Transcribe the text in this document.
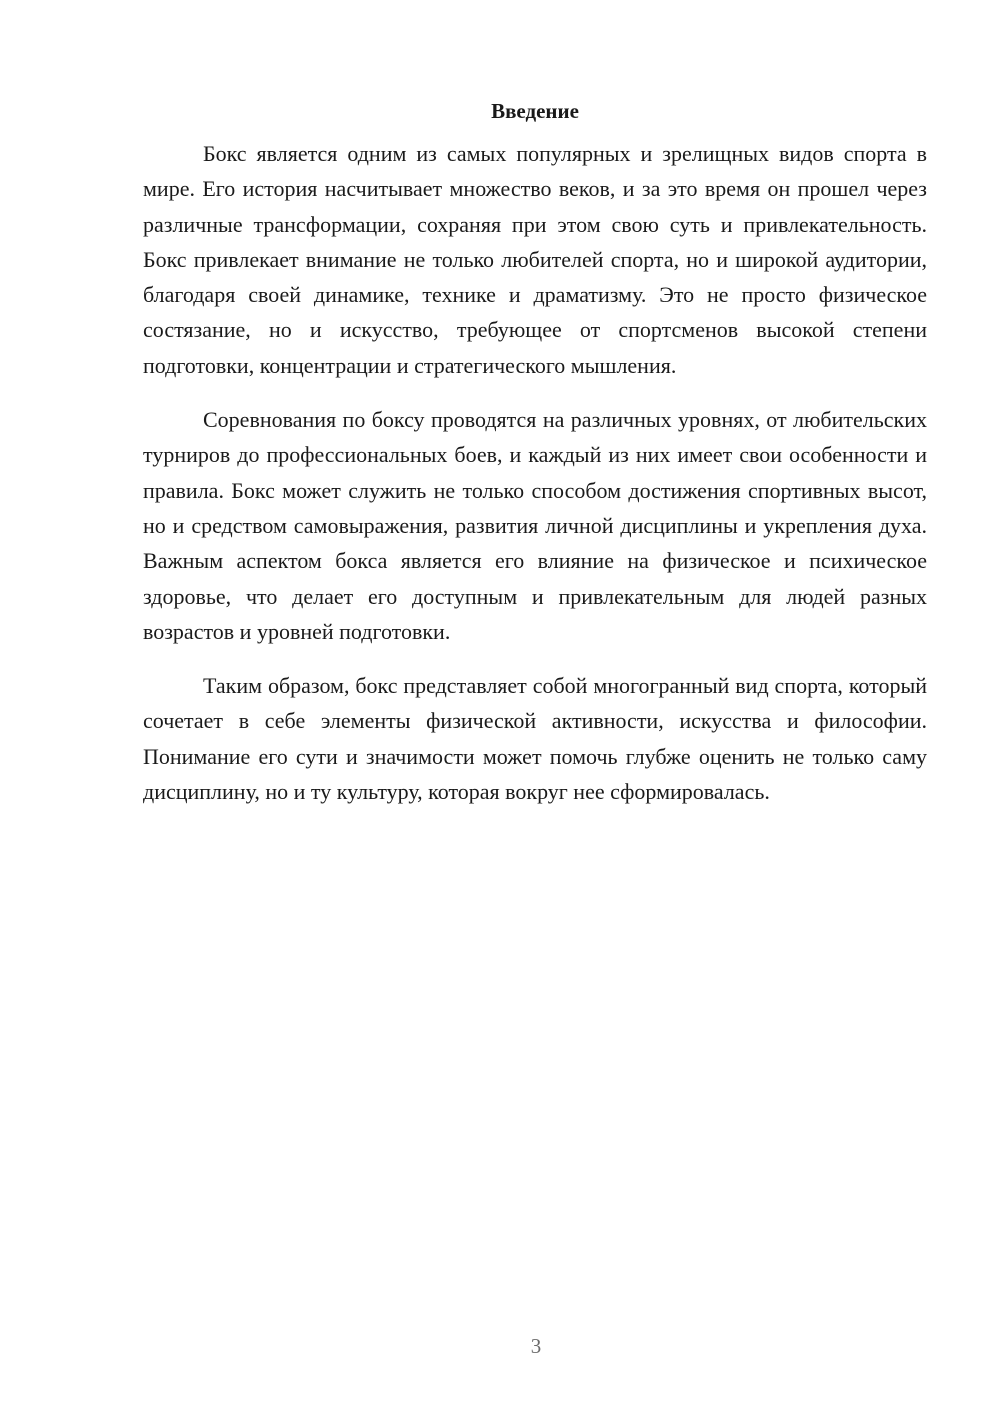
Введение

Бокс является одним из самых популярных и зрелищных видов спорта в мире. Его история насчитывает множество веков, и за это время он прошел через различные трансформации, сохраняя при этом свою суть и привлекательность. Бокс привлекает внимание не только любителей спорта, но и широкой аудитории, благодаря своей динамике, технике и драматизму. Это не просто физическое состязание, но и искусство, требующее от спортсменов высокой степени подготовки, концентрации и стратегического мышления.

Соревнования по боксу проводятся на различных уровнях, от любительских турниров до профессиональных боев, и каждый из них имеет свои особенности и правила. Бокс может служить не только способом достижения спортивных высот, но и средством самовыражения, развития личной дисциплины и укрепления духа. Важным аспектом бокса является его влияние на физическое и психическое здоровье, что делает его доступным и привлекательным для людей разных возрастов и уровней подготовки.

Таким образом, бокс представляет собой многогранный вид спорта, который сочетает в себе элементы физической активности, искусства и философии. Понимание его сути и значимости может помочь глубже оценить не только саму дисциплину, но и ту культуру, которая вокруг нее сформировалась.

3
